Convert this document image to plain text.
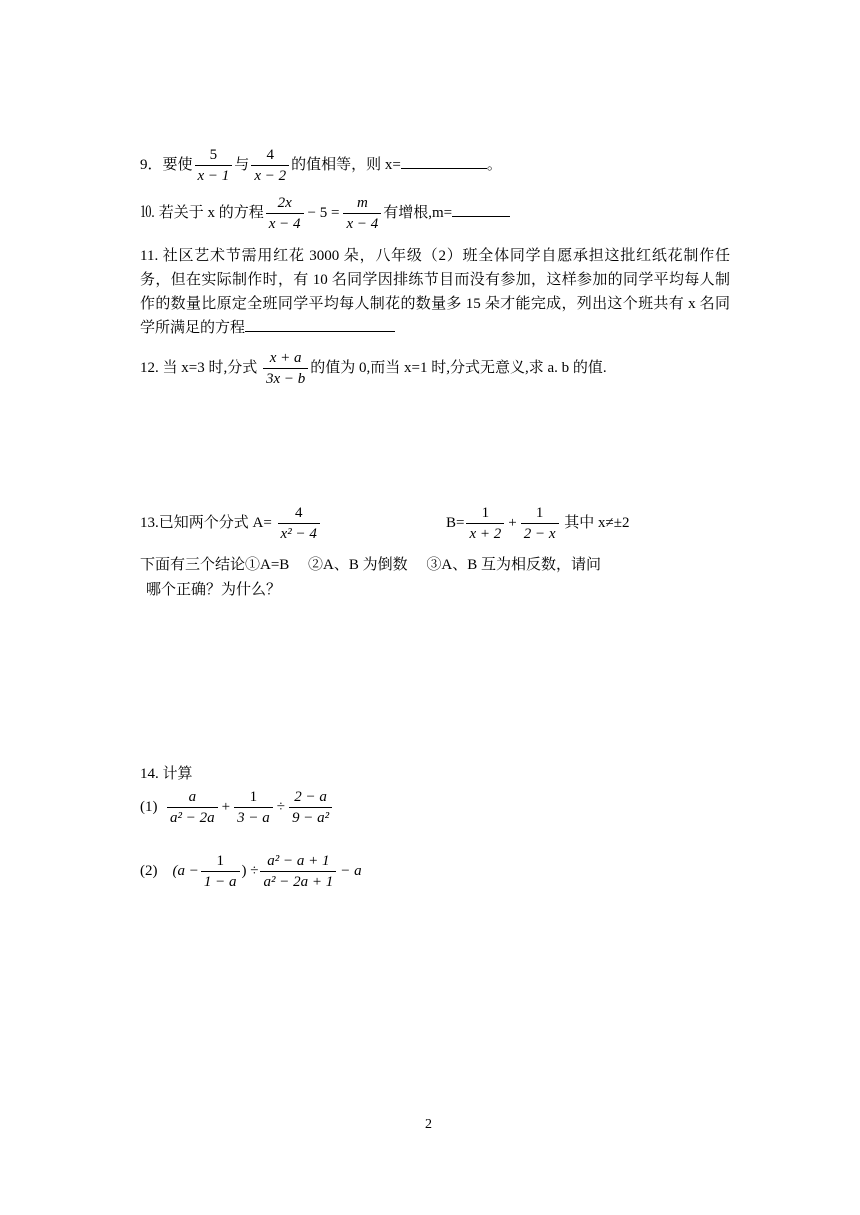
9．要使 $\frac{5}{x - 1}$ 与 $\frac{4}{x - 2}$ 的值相等，则 x=	。
⒑ 若关于 x 的方程 $\frac{2x}{x - 4} - 5 = \frac{m}{x - 4}$ 有增根,m=
11. 社区艺术节需用红花 3000 朵，八年级（2）班全体同学自愿承担这批红纸花制作任务，但在实际制作时，有 10 名同学因排练节目而没有参加，这样参加的同学平均每人制作的数量比原定全班同学平均每人制花的数量多 15 朵才能完成，列出这个班共有 x 名同学所满足的方程
12. 当 x=3 时,分式 $\frac{x + a}{3x - b}$ 的值为 0,而当 x=1 时,分式无意义,求 a. b 的值.
13.已知两个分式 $A= \frac{4}{\text{x² − 4}}$	$B= \frac{1}{x + 2} + \frac{1}{2 - x}$ 其中 x≠±2
下面有三个结论①A=B　 ②A、B 为倒数　 ③A、B 互为相反数，请问
哪个正确？为什么？
14. 计算
$(1) \frac{a}{\text{a² − 2a}} + \frac{1}{3 - a} \div \frac{2 - a}{\text{9 − a²}}$
(2) ($a - \frac{1}{1 - a}$ ) ÷ $\frac{\text{a² − a + 1}}{\text{a² − 2a + 1}} - a$
2
